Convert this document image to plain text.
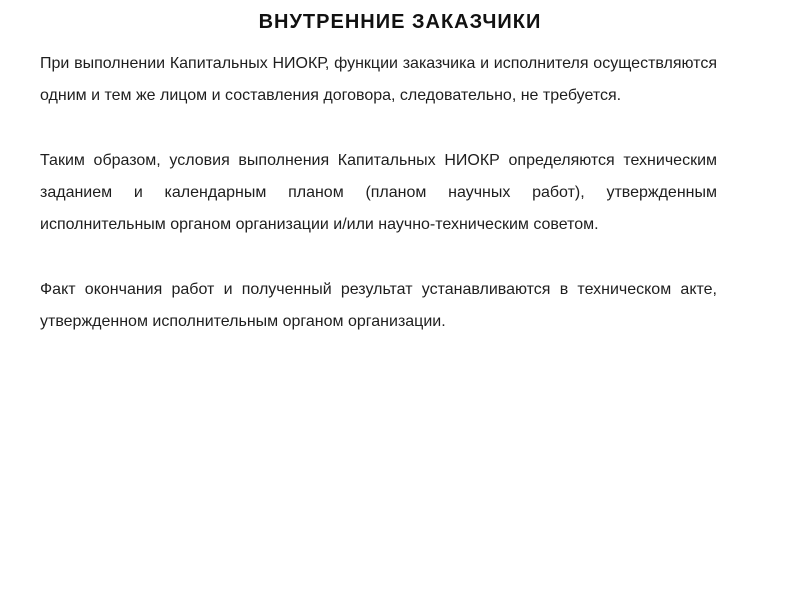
ВНУТРЕННИЕ ЗАКАЗЧИКИ

При выполнении Капитальных НИОКР, функции заказчика и исполнителя осуществляются одним и тем же лицом и составления договора, следовательно, не требуется.

Таким образом, условия выполнения Капитальных НИОКР определяются техническим заданием и календарным планом (планом научных работ), утвержденным исполнительным органом организации и/или научно-техническим советом.

Факт окончания работ и полученный результат устанавливаются в техническом акте, утвержденном исполнительным органом организации.
